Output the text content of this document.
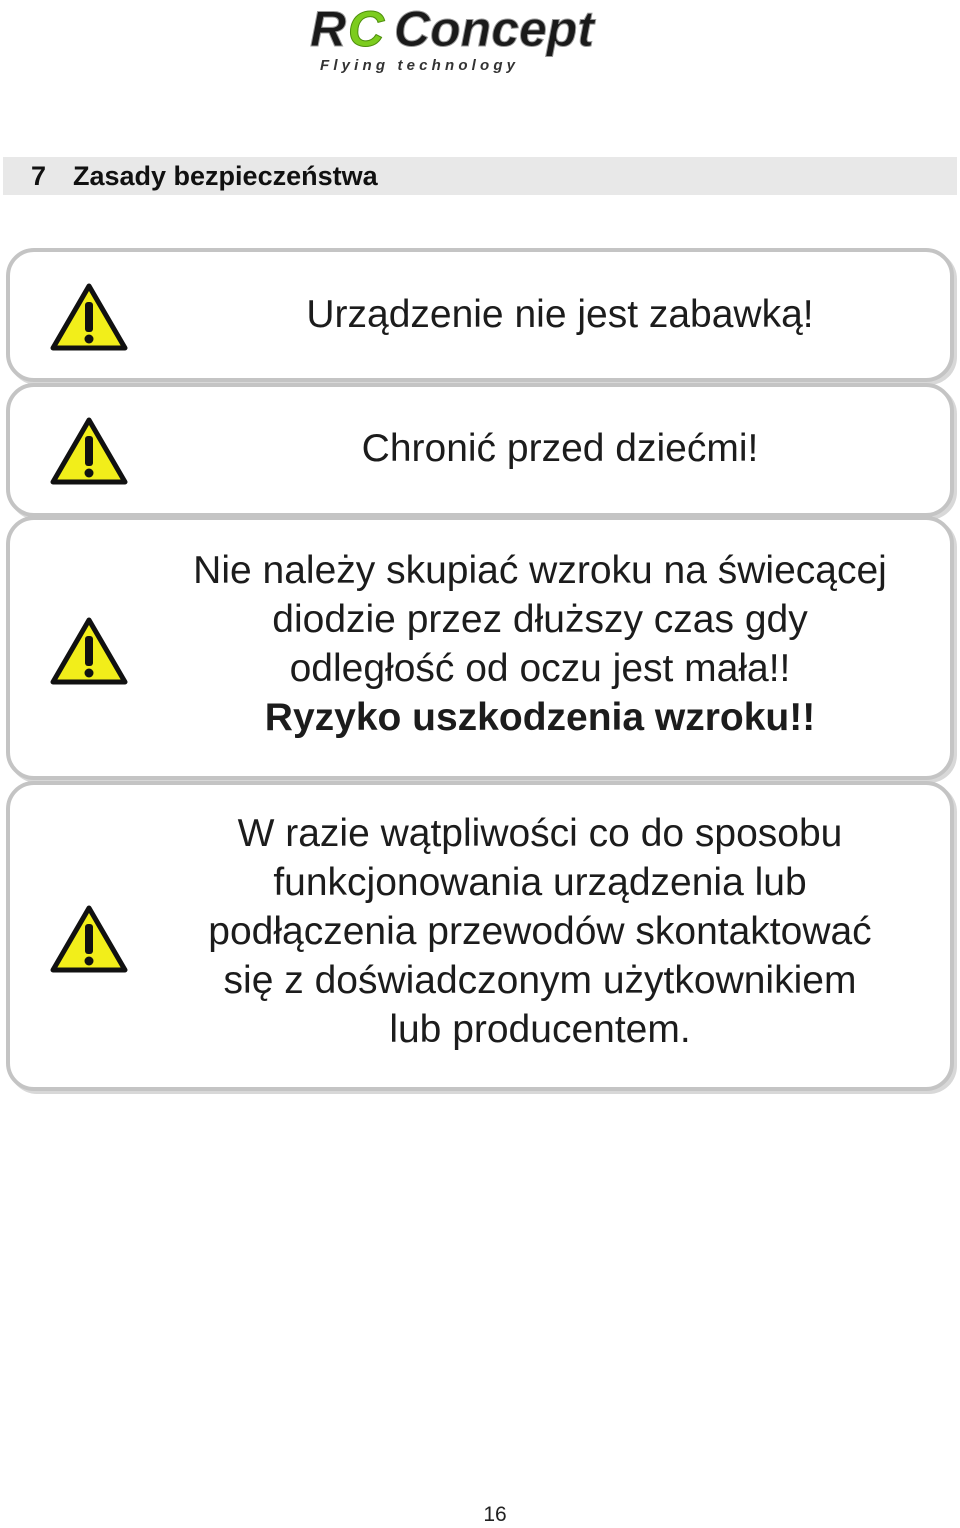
R C Concept
F l y i n g   t e c h n o l o g y
7 Zasady bezpieczeństwa
Urządzenie nie jest zabawką!
Chronić przed dziećmi!
Nie należy skupiać wzroku na świecącej
diodzie przez dłuższy czas gdy
odległość od oczu jest mała!!
Ryzyko uszkodzenia wzroku!!
W razie wątpliwości co do sposobu
funkcjonowania urządzenia lub
podłączenia przewodów skontaktować
się z doświadczonym użytkownikiem
lub producentem.
16
